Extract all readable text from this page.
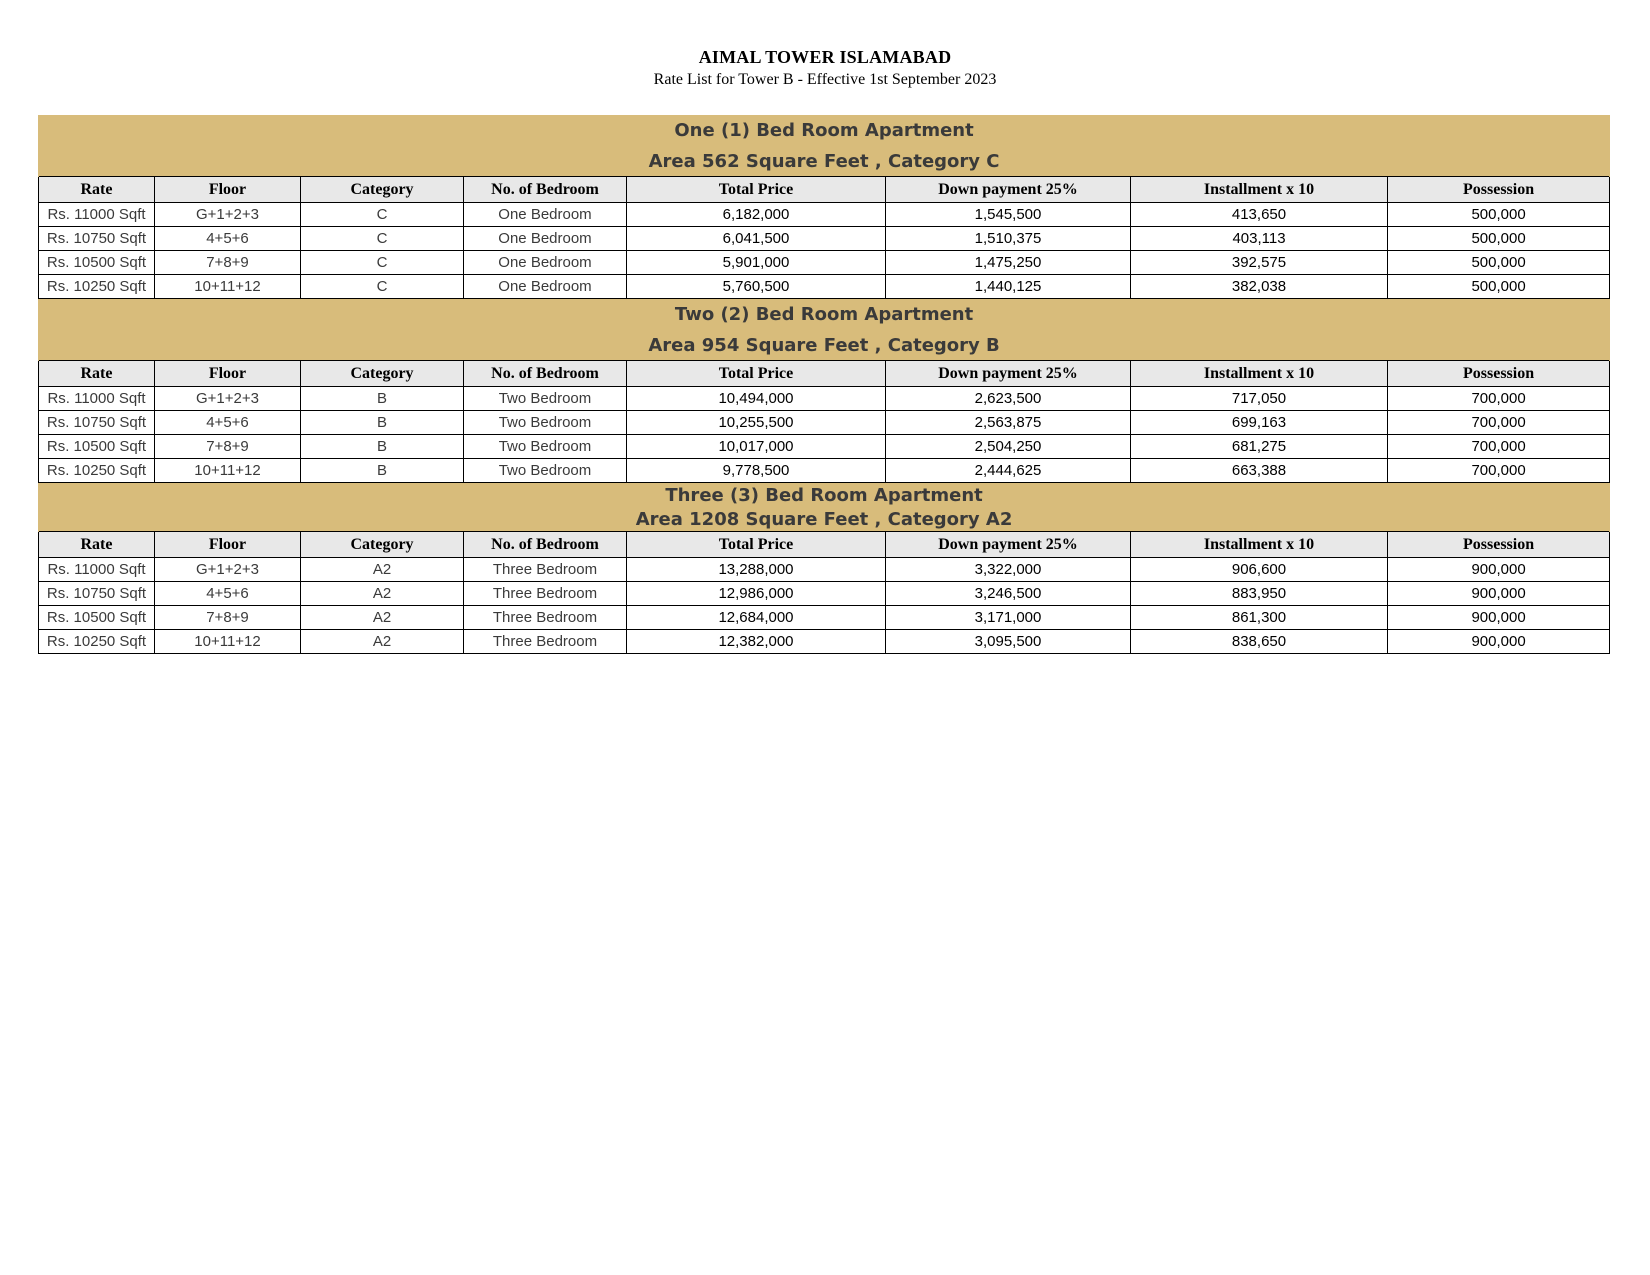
AIMAL TOWER ISLAMABAD
Rate List for Tower B - Effective 1st September 2023
One (1) Bed Room Apartment							
Area 562 Square Feet , Category C							
Rate	Floor	Category	No. of Bedroom	Total Price	Down payment 25%	Installment x 10	Possession
Rs. 11000 Sqft	G+1+2+3	C	One Bedroom	6,182,000	1,545,500	413,650	500,000
Rs. 10750 Sqft	4+5+6	C	One Bedroom	6,041,500	1,510,375	403,113	500,000
Rs. 10500 Sqft	7+8+9	C	One Bedroom	5,901,000	1,475,250	392,575	500,000
Rs. 10250 Sqft	10+11+12	C	One Bedroom	5,760,500	1,440,125	382,038	500,000
Two (2) Bed Room Apartment							
Area 954 Square Feet , Category B							
Rate	Floor	Category	No. of Bedroom	Total Price	Down payment 25%	Installment x 10	Possession
Rs. 11000 Sqft	G+1+2+3	B	Two Bedroom	10,494,000	2,623,500	717,050	700,000
Rs. 10750 Sqft	4+5+6	B	Two Bedroom	10,255,500	2,563,875	699,163	700,000
Rs. 10500 Sqft	7+8+9	B	Two Bedroom	10,017,000	2,504,250	681,275	700,000
Rs. 10250 Sqft	10+11+12	B	Two Bedroom	9,778,500	2,444,625	663,388	700,000
Three (3) Bed Room Apartment							
Area 1208 Square Feet , Category A2							
Rate	Floor	Category	No. of Bedroom	Total Price	Down payment 25%	Installment x 10	Possession
Rs. 11000 Sqft	G+1+2+3	A2	Three Bedroom	13,288,000	3,322,000	906,600	900,000
Rs. 10750 Sqft	4+5+6	A2	Three Bedroom	12,986,000	3,246,500	883,950	900,000
Rs. 10500 Sqft	7+8+9	A2	Three Bedroom	12,684,000	3,171,000	861,300	900,000
Rs. 10250 Sqft	10+11+12	A2	Three Bedroom	12,382,000	3,095,500	838,650	900,000
